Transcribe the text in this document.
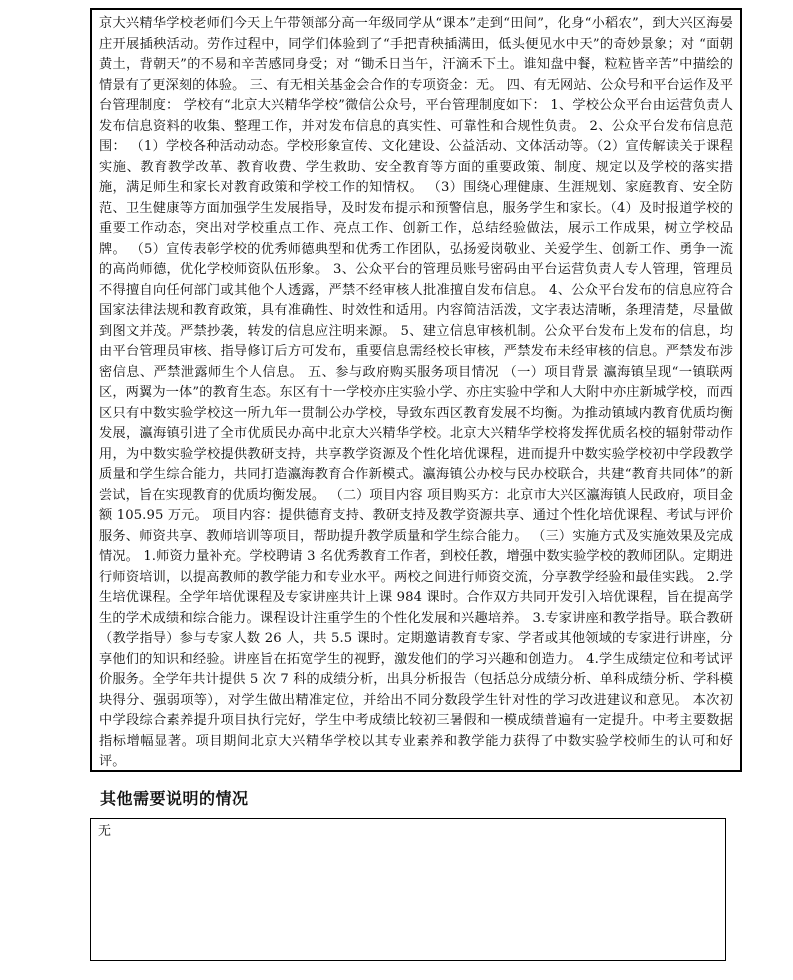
京大兴精华学校老师们今天上午带领部分高一年级同学从“课本”走到“田间”，化身“小稻农”，到大兴区海晏庄开展插秧活动。劳作过程中，同学们体验到了“手把青秧插满田，低头便见水中天”的奇妙景象；对 “面朝黄土，背朝天”的不易和辛苦感同身受；对 “锄禾日当午，汗滴禾下土。谁知盘中餐，粒粒皆辛苦”中描绘的情景有了更深刻的体验。 三、有无相关基金会合作的专项资金：无。 四、有无网站、公众号和平台运作及平台管理制度： 学校有“北京大兴精华学校”微信公众号，平台管理制度如下： 1、学校公众平台由运营负责人发布信息资料的收集、整理工作，并对发布信息的真实性、可靠性和合规性负责。 2、公众平台发布信息范围： （1）学校各种活动动态。学校形象宣传、文化建设、公益活动、文体活动等。（2）宣传解读关于课程实施、教育教学改革、教育收费、学生救助、安全教育等方面的重要政策、制度、规定以及学校的落实措施，满足师生和家长对教育政策和学校工作的知情权。 （3）围绕心理健康、生涯规划、家庭教育、安全防范、卫生健康等方面加强学生发展指导，及时发布提示和预警信息，服务学生和家长。（4）及时报道学校的重要工作动态，突出对学校重点工作、亮点工作、创新工作，总结经验做法，展示工作成果，树立学校品牌。 （5）宣传表彰学校的优秀师德典型和优秀工作团队，弘扬爱岗敬业、关爱学生、创新工作、勇争一流的高尚师德，优化学校师资队伍形象。 3、公众平台的管理员账号密码由平台运营负责人专人管理，管理员不得擅自向任何部门或其他个人透露，严禁不经审核人批准擅自发布信息。 4、公众平台发布的信息应符合国家法律法规和教育政策，具有准确性、时效性和适用。内容简洁活泼，文字表达清晰，条理清楚，尽量做到图文并茂。严禁抄袭，转发的信息应注明来源。 5、建立信息审核机制。公众平台发布上发布的信息，均由平台管理员审核、指导修订后方可发布，重要信息需经校长审核，严禁发布未经审核的信息。严禁发布涉密信息、严禁泄露师生个人信息。 五、参与政府购买服务项目情况 （一）项目背景 瀛海镇呈现“一镇联两区，两翼为一体”的教育生态。东区有十一学校亦庄实验小学、亦庄实验中学和人大附中亦庄新城学校，而西区只有中数实验学校这一所九年一贯制公办学校，导致东西区教育发展不均衡。为推动镇域内教育优质均衡发展，瀛海镇引进了全市优质民办高中北京大兴精华学校。北京大兴精华学校将发挥优质名校的辐射带动作用，为中数实验学校提供教研支持，共享教学资源及个性化培优课程，进而提升中数实验学校初中学段教学质量和学生综合能力，共同打造瀛海教育合作新模式。瀛海镇公办校与民办校联合，共建“教育共同体”的新尝试，旨在实现教育的优质均衡发展。 （二）项目内容 项目购买方：北京市大兴区瀛海镇人民政府，项目金额 105.95 万元。 项目内容：提供德育支持、教研支持及教学资源共享、通过个性化培优课程、考试与评价服务、师资共享、教师培训等项目，帮助提升教学质量和学生综合能力。 （三）实施方式及实施效果及完成情况。 1.师资力量补充。学校聘请 3 名优秀教育工作者，到校任教，增强中数实验学校的教师团队。定期进行师资培训，以提高教师的教学能力和专业水平。两校之间进行师资交流，分享教学经验和最佳实践。 2.学生培优课程。全学年培优课程及专家讲座共计上课 984 课时。合作双方共同开发引入培优课程，旨在提高学生的学术成绩和综合能力。课程设计注重学生的个性化发展和兴趣培养。 3.专家讲座和教学指导。联合教研（教学指导）参与专家人数 26 人，共 5.5 课时。定期邀请教育专家、学者或其他领域的专家进行讲座，分享他们的知识和经验。讲座旨在拓宽学生的视野，激发他们的学习兴趣和创造力。 4.学生成绩定位和考试评价服务。全学年共计提供 5 次 7 科的成绩分析，出具分析报告（包括总分成绩分析、单科成绩分析、学科模块得分、强弱项等），对学生做出精准定位，并给出不同分数段学生针对性的学习改进建议和意见。 本次初中学段综合素养提升项目执行完好，学生中考成绩比较初三暑假和一模成绩普遍有一定提升。中考主要数据指标增幅显著。项目期间北京大兴精华学校以其专业素养和教学能力获得了中数实验学校师生的认可和好评。

其他需要说明的情况

无
